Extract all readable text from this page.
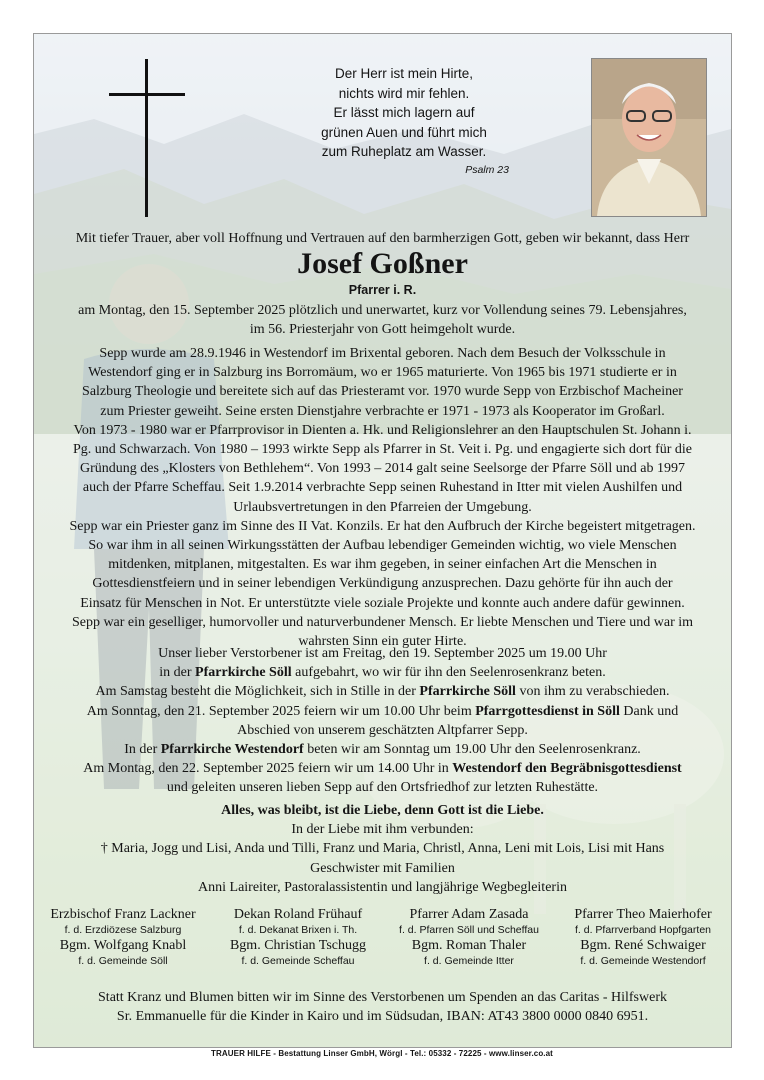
Der Herr ist mein Hirte,
nichts wird mir fehlen.
Er lässt mich lagern auf
grünen Auen und führt mich
zum Ruheplatz am Wasser.
Psalm 23
Mit tiefer Trauer, aber voll Hoffnung und Vertrauen auf den barmherzigen Gott, geben wir bekannt, dass Herr
Josef Goßner
Pfarrer i. R.

am Montag, den 15. September 2025 plötzlich und unerwartet, kurz vor Vollendung seines 79. Lebensjahres,

im 56. Priesterjahr von Gott heimgeholt wurde.

Sepp wurde am 28.9.1946 in Westendorf im Brixental geboren. Nach dem Besuch der Volksschule in

Westendorf ging er in Salzburg ins Borromäum, wo er 1965 maturierte. Von 1965 bis 1971 studierte er in

Salzburg Theologie und bereitete sich auf das Priesteramt vor. 1970 wurde Sepp von Erzbischof Macheiner

zum Priester geweiht. Seine ersten Dienstjahre verbrachte er 1971 - 1973 als Kooperator im Großarl.

Von 1973 - 1980 war er Pfarrprovisor in Dienten a. Hk. und Religionslehrer an den Hauptschulen St. Johann i.

Pg. und Schwarzach. Von 1980 – 1993 wirkte Sepp als Pfarrer in St. Veit i. Pg. und engagierte sich dort für die

Gründung des „Klosters von Bethlehem“. Von 1993 – 2014 galt seine Seelsorge der Pfarre Söll und ab 1997

auch der Pfarre Scheffau. Seit 1.9.2014 verbrachte Sepp seinen Ruhestand in Itter mit vielen Aushilfen und

Urlaubsvertretungen in den Pfarreien der Umgebung.

Sepp war ein Priester ganz im Sinne des II Vat. Konzils. Er hat den Aufbruch der Kirche begeistert mitgetragen.

So war ihm in all seinen Wirkungsstätten der Aufbau lebendiger Gemeinden wichtig, wo viele Menschen

mitdenken, mitplanen, mitgestalten. Es war ihm gegeben, in seiner einfachen Art die Menschen in

Gottesdienstfeiern und in seiner lebendigen Verkündigung anzusprechen. Dazu gehörte für ihn auch der

Einsatz für Menschen in Not. Er unterstützte viele soziale Projekte und konnte auch andere dafür gewinnen.

Sepp war ein geselliger, humorvoller und naturverbundener Mensch. Er liebte Menschen und Tiere und war im

wahrsten Sinn ein guter Hirte.

Unser lieber Verstorbener ist am Freitag, den 19. September 2025 um 19.00 Uhr

in der Pfarrkirche Söll aufgebahrt, wo wir für ihn den Seelenrosenkranz beten.

Am Samstag besteht die Möglichkeit, sich in Stille in der Pfarrkirche Söll von ihm zu verabschieden.

Am Sonntag, den 21. September 2025 feiern wir um 10.00 Uhr beim Pfarrgottesdienst in Söll Dank und

Abschied von unserem geschätzten Altpfarrer Sepp.

In der Pfarrkirche Westendorf beten wir am Sonntag um 19.00 Uhr den Seelenrosenkranz.

Am Montag, den 22. September 2025 feiern wir um 14.00 Uhr in Westendorf den Begräbnisgottesdienst

und geleiten unseren lieben Sepp auf den Ortsfriedhof zur letzten Ruhestätte.

Alles, was bleibt, ist die Liebe, denn Gott ist die Liebe.

In der Liebe mit ihm verbunden:

† Maria, Jogg und Lisi, Anda und Tilli, Franz und Maria, Christl, Anna, Leni mit Lois, Lisi mit Hans

Geschwister mit Familien

Anni Laireiter, Pastoralassistentin und langjährige Wegbegleiterin

Erzbischof Franz Lackner
f. d. Erzdiözese Salzburg
Bgm. Wolfgang Knabl
f. d. Gemeinde Söll
Dekan Roland Frühauf
f. d. Dekanat Brixen i. Th.
Bgm. Christian Tschugg
f. d. Gemeinde Scheffau
Pfarrer Adam Zasada
f. d. Pfarren Söll und Scheffau
Bgm. Roman Thaler
f. d. Gemeinde Itter
Pfarrer Theo Maierhofer
f. d. Pfarrverband Hopfgarten
Bgm. René Schwaiger
f. d. Gemeinde Westendorf
Statt Kranz und Blumen bitten wir im Sinne des Verstorbenen um Spenden an das Caritas - Hilfswerk
Sr. Emmanuelle für die Kinder in Kairo und im Südsudan, IBAN: AT43 3800 0000 0840 6951.
TRAUER HILFE - Bestattung Linser GmbH, Wörgl - Tel.: 05332 - 72225 - www.linser.co.at
